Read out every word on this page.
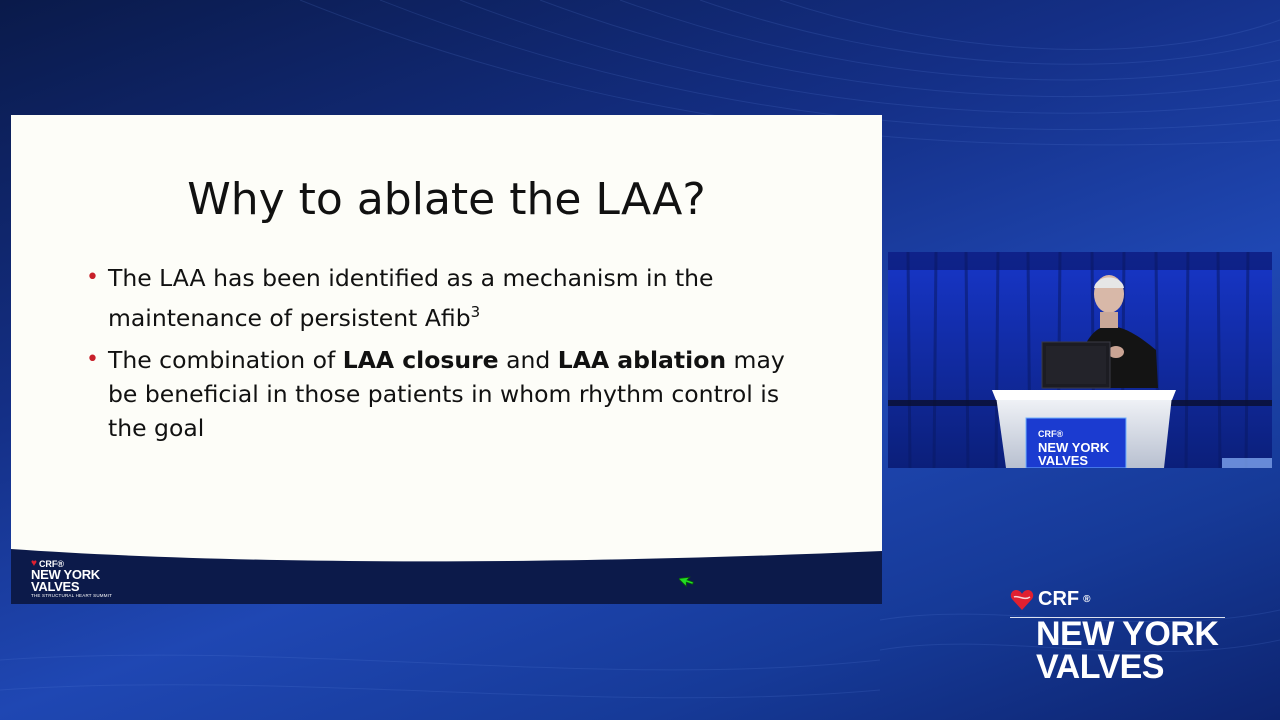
Why to ablate the LAA?
• The LAA has been identified as a mechanism in the maintenance of persistent Afib$^3$
• The combination of LAA closure and LAA ablation may be beneficial in those patients in whom rhythm control is the goal
♥ CRF®
NEW YORK
VALVES
THE STRUCTURAL HEART SUMMIT
CRF®
NEW YORK
VALVES
CRF ®
NEW YORK
VALVES
